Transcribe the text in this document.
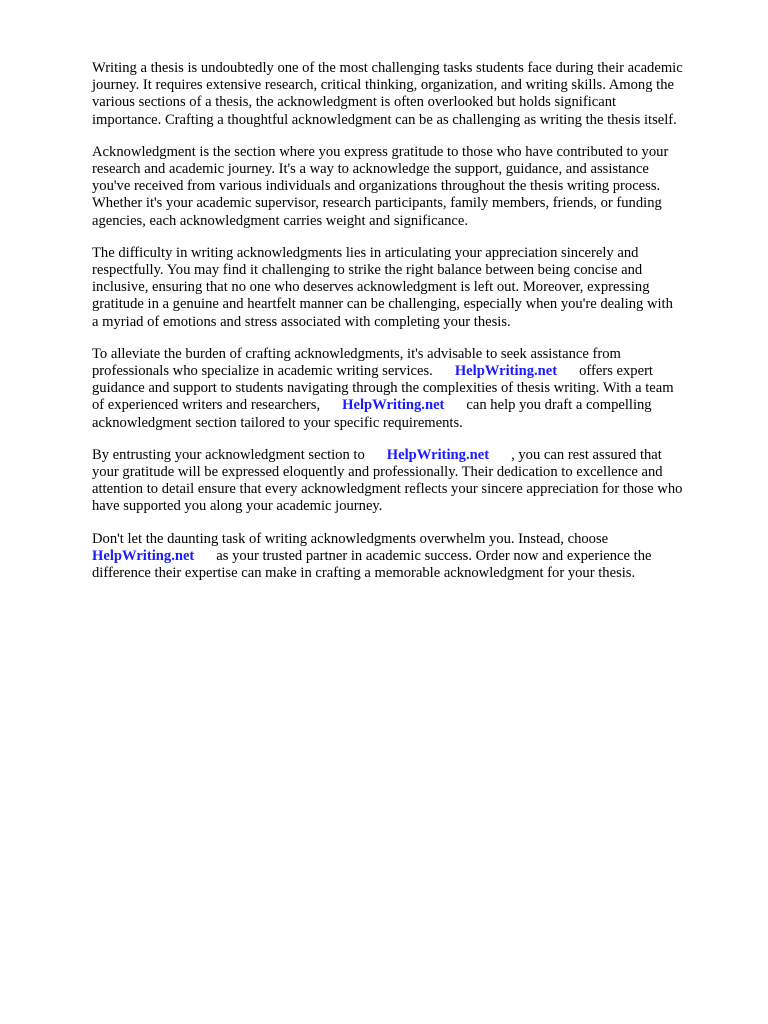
Writing a thesis is undoubtedly one of the most challenging tasks students face during their academic
journey. It requires extensive research, critical thinking, organization, and writing skills. Among the
various sections of a thesis, the acknowledgment is often overlooked but holds significant
importance. Crafting a thoughtful acknowledgment can be as challenging as writing the thesis itself.

Acknowledgment is the section where you express gratitude to those who have contributed to your
research and academic journey. It's a way to acknowledge the support, guidance, and assistance
you've received from various individuals and organizations throughout the thesis writing process.
Whether it's your academic supervisor, research participants, family members, friends, or funding
agencies, each acknowledgment carries weight and significance.

The difficulty in writing acknowledgments lies in articulating your appreciation sincerely and
respectfully. You may find it challenging to strike the right balance between being concise and
inclusive, ensuring that no one who deserves acknowledgment is left out. Moreover, expressing
gratitude in a genuine and heartfelt manner can be challenging, especially when you're dealing with
a myriad of emotions and stress associated with completing your thesis.

To alleviate the burden of crafting acknowledgments, it's advisable to seek assistance from
professionals who specialize in academic writing services. HelpWriting.net offers expert
guidance and support to students navigating through the complexities of thesis writing. With a team
of experienced writers and researchers, HelpWriting.net can help you draft a compelling
acknowledgment section tailored to your specific requirements.

By entrusting your acknowledgment section to HelpWriting.net , you can rest assured that
your gratitude will be expressed eloquently and professionally. Their dedication to excellence and
attention to detail ensure that every acknowledgment reflects your sincere appreciation for those who
have supported you along your academic journey.

Don't let the daunting task of writing acknowledgments overwhelm you. Instead, choose
HelpWriting.net as your trusted partner in academic success. Order now and experience the
difference their expertise can make in crafting a memorable acknowledgment for your thesis.
